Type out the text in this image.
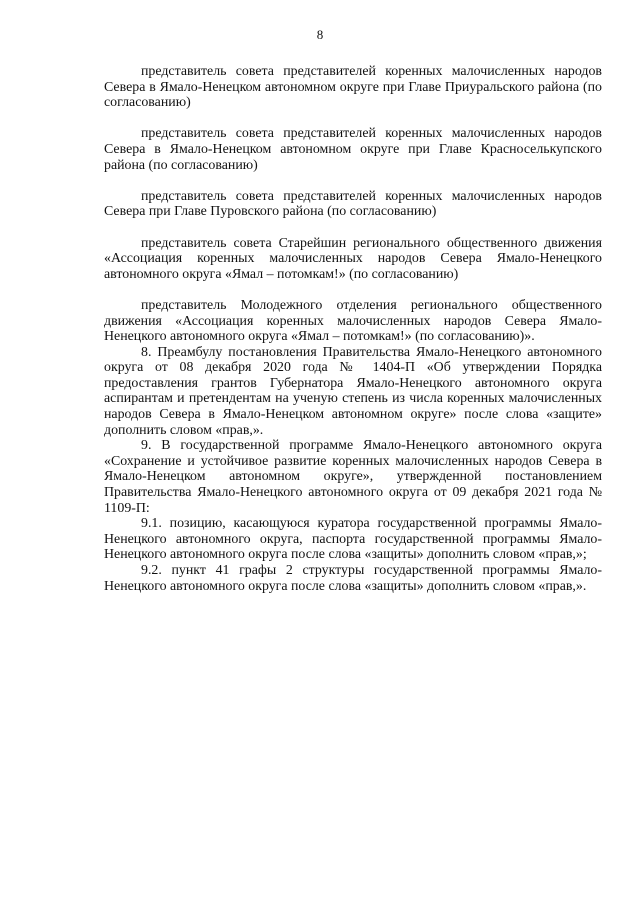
8

представитель совета представителей коренных малочисленных народов Севера в Ямало-Ненецком автономном округе при Главе Приуральского района (по согласованию)

представитель совета представителей коренных малочисленных народов Севера в Ямало-Ненецком автономном округе при Главе Красноселькупского района (по согласованию)

представитель совета представителей коренных малочисленных народов Севера при Главе Пуровского района (по согласованию)

представитель совета Старейшин регионального общественного движения «Ассоциация коренных малочисленных народов Севера Ямало-Ненецкого автономного округа «Ямал – потомкам!» (по согласованию)

представитель Молодежного отделения регионального общественного движения «Ассоциация коренных малочисленных народов Севера Ямало-Ненецкого автономного округа «Ямал – потомкам!» (по согласованию)».

8. Преамбулу постановления Правительства Ямало-Ненецкого автономного округа от 08 декабря 2020 года № 1404-П «Об утверждении Порядка предоставления грантов Губернатора Ямало-Ненецкого автономного округа аспирантам и претендентам на ученую степень из числа коренных малочисленных народов Севера в Ямало-Ненецком автономном округе» после слова «защите» дополнить словом «прав,».

9. В государственной программе Ямало-Ненецкого автономного округа «Сохранение и устойчивое развитие коренных малочисленных народов Севера в Ямало-Ненецком автономном округе», утвержденной постановлением Правительства Ямало-Ненецкого автономного округа от 09 декабря 2021 года № 1109-П:

9.1. позицию, касающуюся куратора государственной программы Ямало-Ненецкого автономного округа, паспорта государственной программы Ямало-Ненецкого автономного округа после слова «защиты» дополнить словом «прав,»;

9.2. пункт 41 графы 2 структуры государственной программы Ямало-Ненецкого автономного округа после слова «защиты» дополнить словом «прав,».
